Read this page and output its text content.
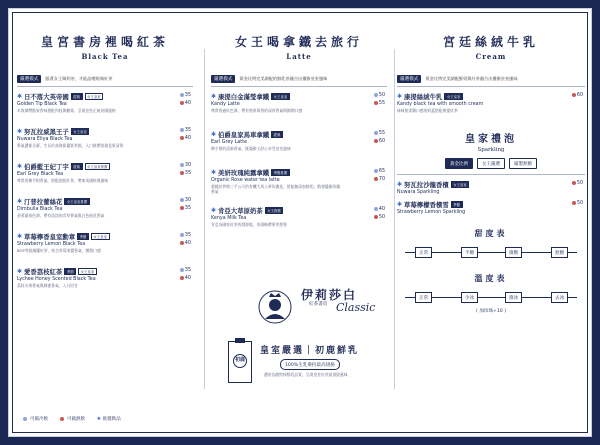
皇宮書房裡喝紅茶
Black Tea
嚴選模式	跟著女王喝奶茶，才能品嚐經典紅茶
✱ 日不落大英帝國	經典	女王皇室
Golden Tip Black Tea
木質調帶點果香味搭配肉桂與糖霜，呈現皇室正統英國風格
35
40
✱ 努瓦拉威黑王子	女王皇室
Nuwara Eliya Black Tea
香氣濃郁含蓄，生長於高海拔優質茶園，入口後帶淡雅花果清香
35
40
✱ 伯爵藍王妃丁字	經典	女王皇室推薦
Earl Grey Black Tea
尊貴的佛手柑香氣，搭配頂級紅茶，帶來英國經典風味
30
35
✱ 汀普拉蕾絲花	女王皇室推薦
Dimbulla Black Tea
金黃琥珀色澤，帶有淡淡的青草香氣與白色桂花香氣
30
35
✱ 草莓檸香皇室勳章	季節	女王皇室
Strawberry Lemon Black Tea
BOP等級錫蘭紅茶，結合草莓果醬香氣，酸甜口感
35
40
✱ 愛香荔枝紅茶	季節	女王皇室
Lychee Honey Scented Black Tea
荔枝水果香氣與蜂蜜香氣，入口回甘
35
40
女王喝拿鐵去旅行
Latte
嚴選模式	黃金比例完美調配的鮮乳茶融合出優雅皇室風味
✱ 康提白金滿瑩拿鐵	女王皇室
Kandy Latte
尊貴的過紅色澤，帶有熟果莓香的深厚香氣與圓潤口感
50
55
✱ 伯爵皇家馬車拿鐵	經典
Earl Grey Latte
佛手柑的清新香氣，既優雅又舒心享受皇室風味
55
60
✱ 美妍玫瑰純露拿鐵	季節推薦
Organic Rose water tea latte
栽種於伊朗三千公尺的有機大馬士革玫瑰花，搭配無添加鮮奶，散發優雅玫瑰香氣
65
70
✱ 肯亞大草原奶茶	女王推薦
Kenya Milk Tea
肯亞為國家紅茶的發源地，茶湯略帶麥芽甜香
40
50
宮廷絲絨牛乳
Cream
嚴選模式	黃金比例完美調配鮮奶與紅茶融合出優雅皇室風味
✱ 康提絲絨牛乳	女王皇室
Kandy black tea with smooth cream
絲絨般柔順口感的奶蓋搭配康提紅茶
60
皇家禮泡
Sparkling
黃金比例	女王嚴選	嚴製無糖
✱ 努瓦拉沙龍香檳	女王皇室
Nuwara Sparkling
50
✱ 草莓檸檬香檳雪	季節
Strawberry Lemon Sparkling
50
甜度表
正常	半糖	微糖	無糖
溫度表
正常	少冰	微冰	去冰
( 加珍珠+10 )
伊莉莎白
紅茶書房 Classic
初鹿
皇室嚴選｜初鹿鮮乳
100%生乳乘持最高規格
濃培烏龍特採鮮乳品質，呈現皇室紅茶最頂級風味
可做冷飲	可做熱飲	✱ 推薦飲品
